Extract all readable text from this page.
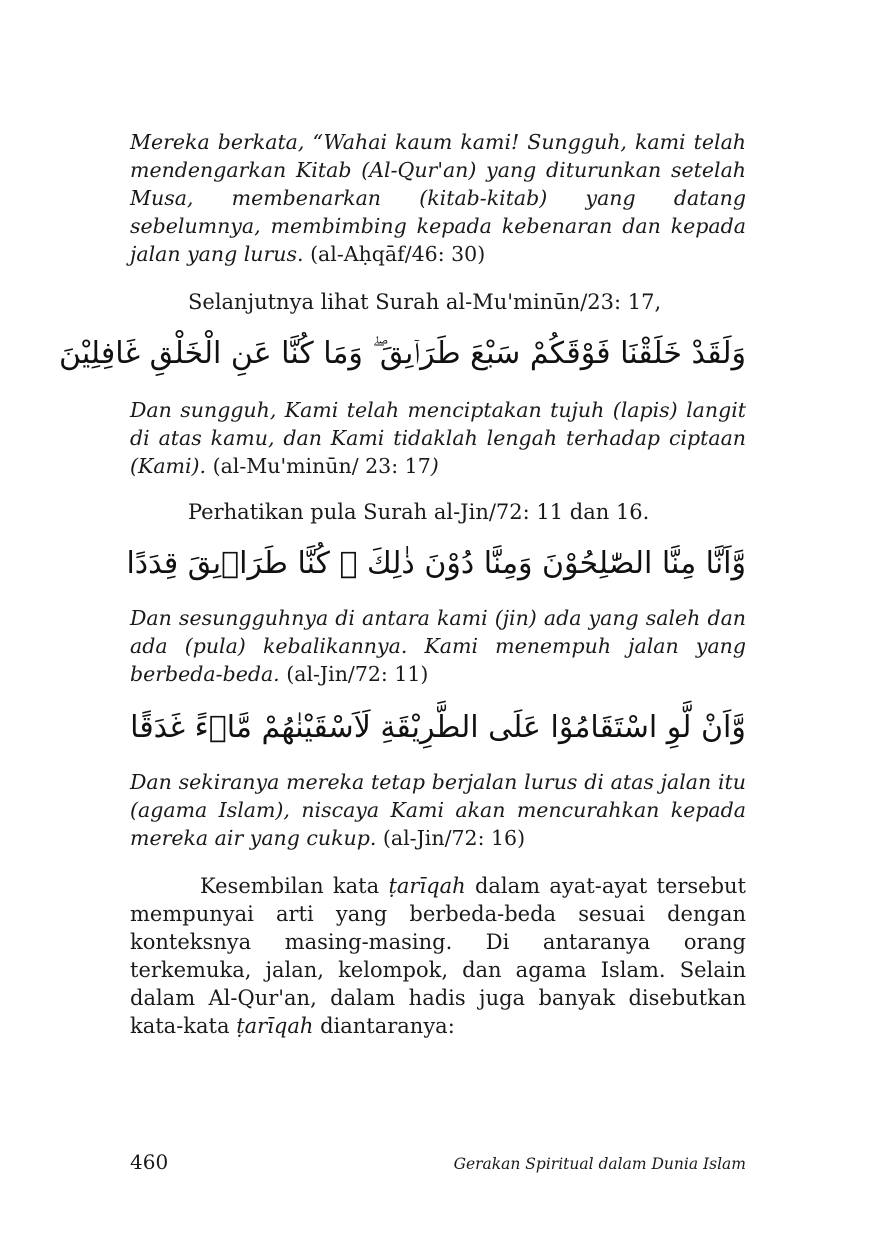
Mereka berkata, “Wahai kaum kami! Sungguh, kami telah mendengarkan Kitab (Al-Qur'an) yang diturunkan setelah Musa, membenarkan (kitab-kitab) yang datang sebelumnya, membimbing kepada kebenaran dan kepada jalan yang lurus. (al-Aḥqāf/46: 30)

Selanjutnya lihat Surah al-Mu'minūn/23: 17,

وَلَقَدْ خَلَقْنَا فَوْقَكُمْ سَبْعَ طَرَاۤىِقَ ۖ وَمَا كُنَّا عَنِ الْخَلْقِ غَافِلِيْنَ

Dan sungguh, Kami telah menciptakan tujuh (lapis) langit di atas kamu, dan Kami tidaklah lengah terhadap ciptaan (Kami). (al-Mu'minūn/ 23: 17)

Perhatikan pula Surah al-Jin/72: 11 dan 16.

وَّاَنَّا مِنَّا الصّٰلِحُوْنَ وَمِنَّا دُوْنَ ذٰلِكَ ۗ كُنَّا طَرَاۤىِقَ قِدَدًا

Dan sesungguhnya di antara kami (jin) ada yang saleh dan ada (pula) kebalikannya. Kami menempuh jalan yang berbeda-beda. (al-Jin/72: 11)

وَّاَنْ لَّوِ اسْتَقَامُوْا عَلَى الطَّرِيْقَةِ لَاَسْقَيْنٰهُمْ مَّاۤءً غَدَقًا

Dan sekiranya mereka tetap berjalan lurus di atas jalan itu (agama Islam), niscaya Kami akan mencurahkan kepada mereka air yang cukup. (al-Jin/72: 16)

Kesembilan kata ṭarīqah dalam ayat-ayat tersebut mempunyai arti yang berbeda-beda sesuai dengan konteksnya masing-masing. Di antaranya orang terkemuka, jalan, kelompok, dan agama Islam. Selain dalam Al-Qur'an, dalam hadis juga banyak disebutkan kata-kata ṭarīqah diantaranya:

460	Gerakan Spiritual dalam Dunia Islam
